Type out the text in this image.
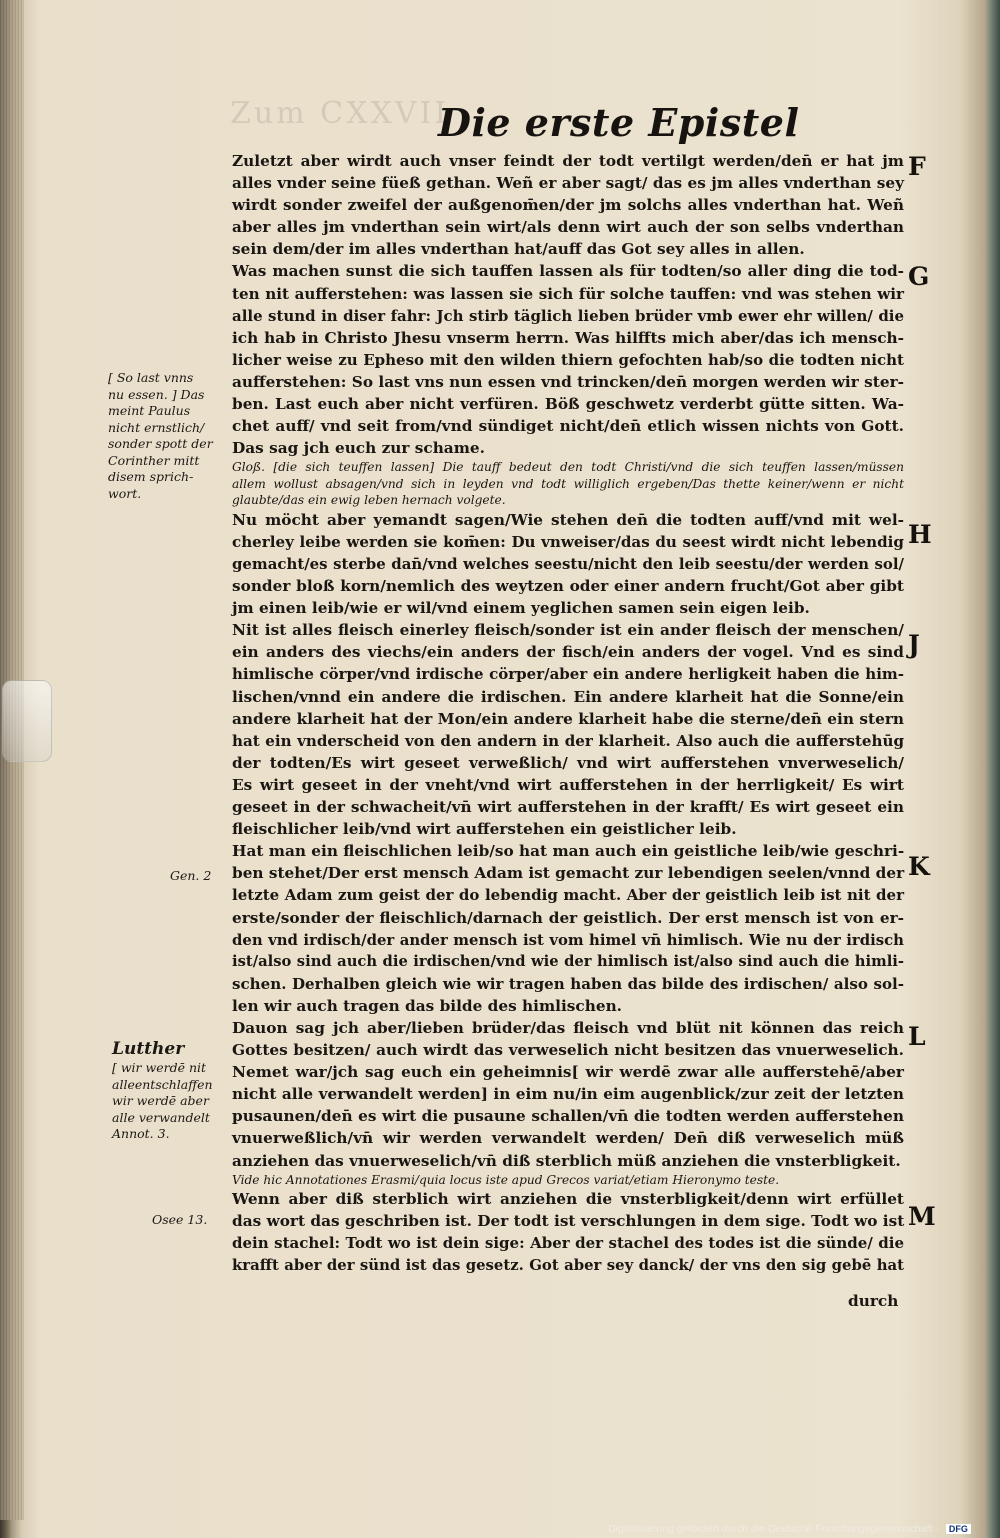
Zum CXXVII
Die erste Epistel
Zuletzt aber wirdt auch vnser feindt der todt vertilgt werden/den̄ er hat jm
alles vnder seine füeß gethan. Weñ er aber sagt/ das es jm alles vnderthan sey
wirdt sonder zweifel der außgenom̄en/der jm solchs alles vnderthan hat. Weñ
aber alles jm vnderthan sein wirt/als denn wirt auch der son selbs vnderthan
sein dem/der im alles vnderthan hat/auff das Got sey alles in allen.
Was machen sunst die sich tauffen lassen als für todten/so aller ding die tod-
ten nit aufferstehen: was lassen sie sich für solche tauffen: vnd was stehen wir
alle stund in diser fahr: Jch stirb täglich lieben brüder vmb ewer ehr willen/ die
ich hab in Christo Jhesu vnserm herrn. Was hilffts mich aber/das ich mensch-
licher weise zu Epheso mit den wilden thiern gefochten hab/so die todten nicht
aufferstehen: So last vns nun essen vnd trincken/den̄ morgen werden wir ster-
ben. Last euch aber nicht verfüren. Böß geschwetz verderbt gütte sitten. Wa-
chet auff/ vnd seit from/vnd sündiget nicht/den̄ etlich wissen nichts von Gott.
Das sag jch euch zur schame.
Gloß. [die sich teuffen lassen] Die tauff bedeut den todt Christi/vnd die sich teuffen lassen/müssen
allem wollust absagen/vnd sich in leyden vnd todt williglich ergeben/Das thette keiner/wenn er nicht
glaubte/das ein ewig leben hernach volgete.
Nu möcht aber yemandt sagen/Wie stehen den̄ die todten auff/vnd mit wel-
cherley leibe werden sie kom̄en: Du vnweiser/das du seest wirdt nicht lebendig
gemacht/es sterbe dan̄/vnd welches seestu/nicht den leib seestu/der werden sol/
sonder bloß korn/nemlich des weytzen oder einer andern frucht/Got aber gibt
jm einen leib/wie er wil/vnd einem yeglichen samen sein eigen leib.
Nit ist alles fleisch einerley fleisch/sonder ist ein ander fleisch der menschen/
ein anders des viechs/ein anders der fisch/ein anders der vogel. Vnd es sind
himlische cörper/vnd irdische cörper/aber ein andere herligkeit haben die him-
lischen/vnnd ein andere die irdischen. Ein andere klarheit hat die Sonne/ein
andere klarheit hat der Mon/ein andere klarheit habe die sterne/den̄ ein stern
hat ein vnderscheid von den andern in der klarheit. Also auch die aufferstehūg
der todten/Es wirt geseet verweßlich/ vnd wirt aufferstehen vnverweselich/
Es wirt geseet in der vneht/vnd wirt aufferstehen in der herrligkeit/ Es wirt
geseet in der schwacheit/vn̄ wirt aufferstehen in der krafft/ Es wirt geseet ein
fleischlicher leib/vnd wirt aufferstehen ein geistlicher leib.
Hat man ein fleischlichen leib/so hat man auch ein geistliche leib/wie geschri-
ben stehet/Der erst mensch Adam ist gemacht zur lebendigen seelen/vnnd der
letzte Adam zum geist der do lebendig macht. Aber der geistlich leib ist nit der
erste/sonder der fleischlich/darnach der geistlich. Der erst mensch ist von er-
den vnd irdisch/der ander mensch ist vom himel vn̄ himlisch. Wie nu der irdisch
ist/also sind auch die irdischen/vnd wie der himlisch ist/also sind auch die himli-
schen. Derhalben gleich wie wir tragen haben das bilde des irdischen/ also sol-
len wir auch tragen das bilde des himlischen.
Dauon sag jch aber/lieben brüder/das fleisch vnd blüt nit können das reich
Gottes besitzen/ auch wirdt das verweselich nicht besitzen das vnuerweselich.
Nemet war/jch sag euch ein geheimnis[ wir werdē zwar alle aufferstehē/aber
nicht alle verwandelt werden] in eim nu/in eim augenblick/zur zeit der letzten
pusaunen/den̄ es wirt die pusaune schallen/vn̄ die todten werden aufferstehen
vnuerweßlich/vn̄ wir werden verwandelt werden/ Den̄ diß verweselich müß
anziehen das vnuerweselich/vn̄ diß sterblich müß anziehen die vnsterbligkeit.
Vide hic Annotationes Erasmi/quia locus iste apud Grecos variat/etiam Hieronymo teste.
Wenn aber diß sterblich wirt anziehen die vnsterbligkeit/denn wirt erfüllet
das wort das geschriben ist. Der todt ist verschlungen in dem sige. Todt wo ist
dein stachel: Todt wo ist dein sige: Aber der stachel des todes ist die sünde/ die
krafft aber der sünd ist das gesetz. Got aber sey danck/ der vns den sig gebē hat
[ So last vnns
nu essen. ] Das
meint Paulus
nicht ernstlich/
sonder spott der
Corinther mitt
disem sprich-
wort.
Gen. 2
Lutther
[ wir werdē nit
alleentschlaffen
wir werdē aber
alle verwandelt
Annot. 3.
Osee 13.
F
G
H
J
K
L
M
durch
Digitalisierung gefördert durch die Deutsche Forschungsgemeinschaft · DFG
